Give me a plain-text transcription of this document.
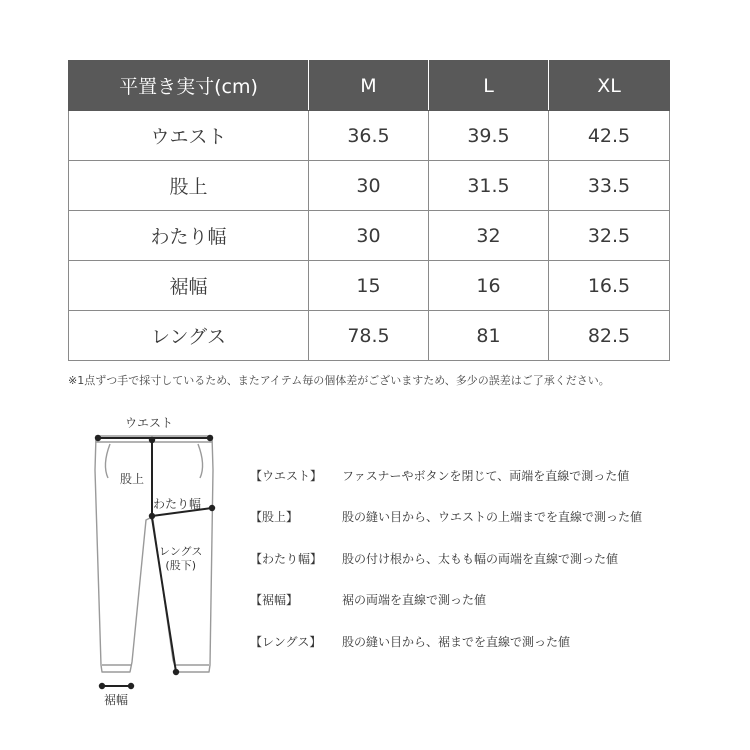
平置き実寸(cm)	M	L	XL
ウエスト	36.5	39.5	42.5
股上	30	31.5	33.5
わたり幅	30	32	32.5
裾幅	15	16	16.5
レングス	78.5	81	82.5
※1点ずつ手で採寸しているため、またアイテム毎の個体差がございますため、多少の誤差はご了承ください。
ウエスト
股上
わたり幅
レングス
(股下)
裾幅
【ウエスト】 ファスナーやボタンを閉じて、両端を直線で測った値
【股上】	股の縫い目から、ウエストの上端までを直線で測った値
【わたり幅】 股の付け根から、太もも幅の両端を直線で測った値
【裾幅】	裾の両端を直線で測った値
【レングス】 股の縫い目から、裾までを直線で測った値
